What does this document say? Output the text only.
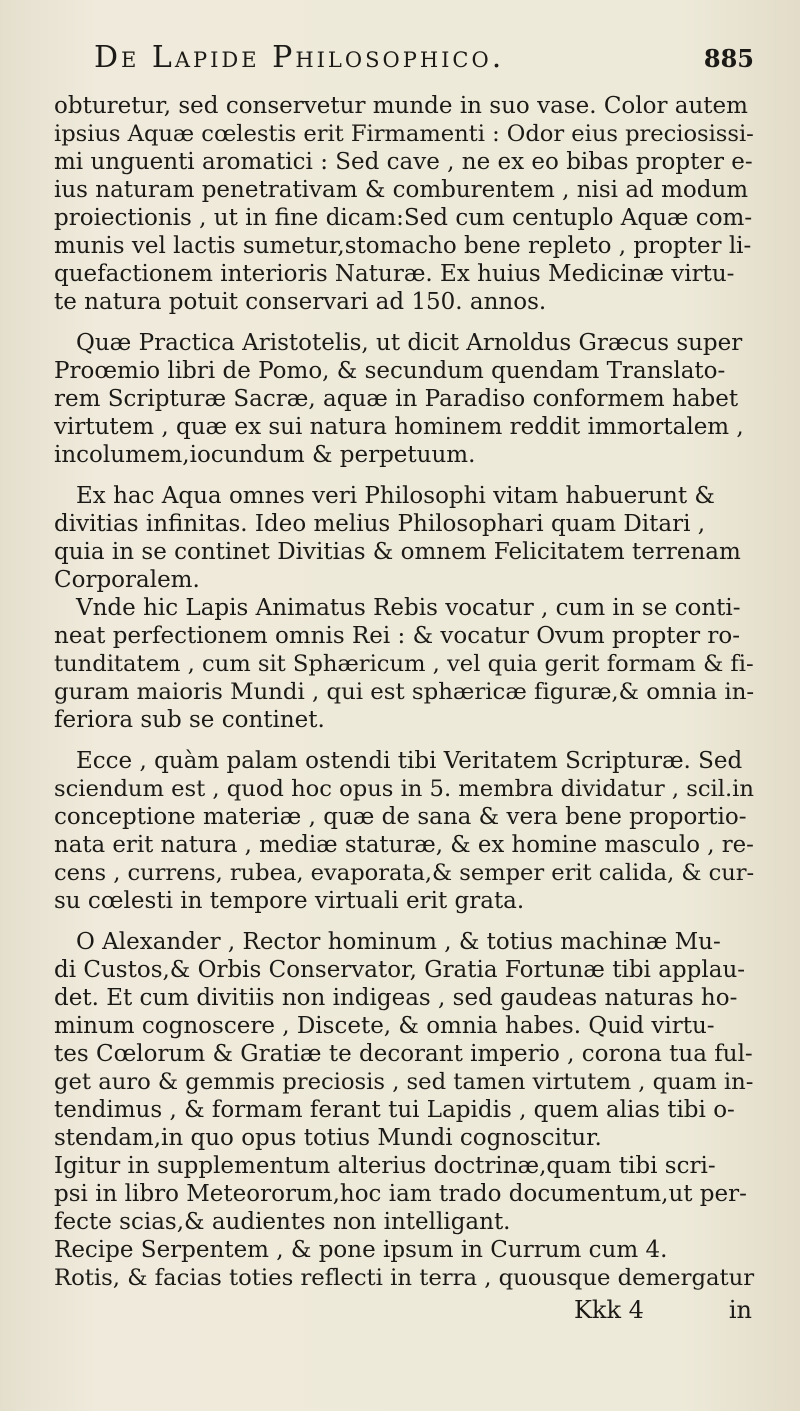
De Lapide Philosophico.	885
obturetur, sed conservetur munde in suo vase. Color autem
ipsius Aquæ cœlestis erit Firmamenti : Odor eius preciosissi-
mi unguenti aromatici : Sed cave , ne ex eo bibas propter e-
ius naturam penetrativam & comburentem , nisi ad modum
proiectionis , ut in fine dicam:Sed cum centuplo Aquæ com-
munis vel lactis sumetur,stomacho bene repleto , propter li-
quefactionem interioris Naturæ. Ex huius Medicinæ virtu-
te natura potuit conservari ad 150. annos.
Quæ Practica Aristotelis, ut dicit Arnoldus Græcus super
Proœmio libri de Pomo, & secundum quendam Translato-
rem Scripturæ Sacræ, aquæ in Paradiso conformem habet
virtutem , quæ ex sui natura hominem reddit immortalem ,
incolumem,iocundum & perpetuum.
Ex hac Aqua omnes veri Philosophi vitam habuerunt &
divitias infinitas. Ideo melius Philosophari quam Ditari ,
quia in se continet Divitias & omnem Felicitatem terrenam
Corporalem.
Vnde hic Lapis Animatus Rebis vocatur , cum in se conti-
neat perfectionem omnis Rei : & vocatur Ovum propter ro-
tunditatem , cum sit Sphæricum , vel quia gerit formam & fi-
guram maioris Mundi , qui est sphæricæ figuræ,& omnia in-
feriora sub se continet.
Ecce , quàm palam ostendi tibi Veritatem Scripturæ. Sed
sciendum est , quod hoc opus in 5. membra dividatur , scil.in
conceptione materiæ , quæ de sana & vera bene proportio-
nata erit natura , mediæ staturæ, & ex homine masculo , re-
cens , currens, rubea, evaporata,& semper erit calida, & cur-
su cœlesti in tempore virtuali erit grata.
O Alexander , Rector hominum , & totius machinæ Mu-
di Custos,& Orbis Conservator, Gratia Fortunæ tibi applau-
det. Et cum divitiis non indigeas , sed gaudeas naturas ho-
minum cognoscere , Discete, & omnia habes. Quid virtu-
tes Cœlorum & Gratiæ te decorant imperio , corona tua ful-
get auro & gemmis preciosis , sed tamen virtutem , quam in-
tendimus , & formam ferant tui Lapidis , quem alias tibi o-
stendam,in quo opus totius Mundi cognoscitur.
Igitur in supplementum alterius doctrinæ,quam tibi scri-
psi in libro Meteororum,hoc iam trado documentum,ut per-
fecte scias,& audientes non intelligant.
Recipe Serpentem , & pone ipsum in Currum cum 4.
Rotis, & facias toties reflecti in terra , quousque demergatur
Kkk 4	in
